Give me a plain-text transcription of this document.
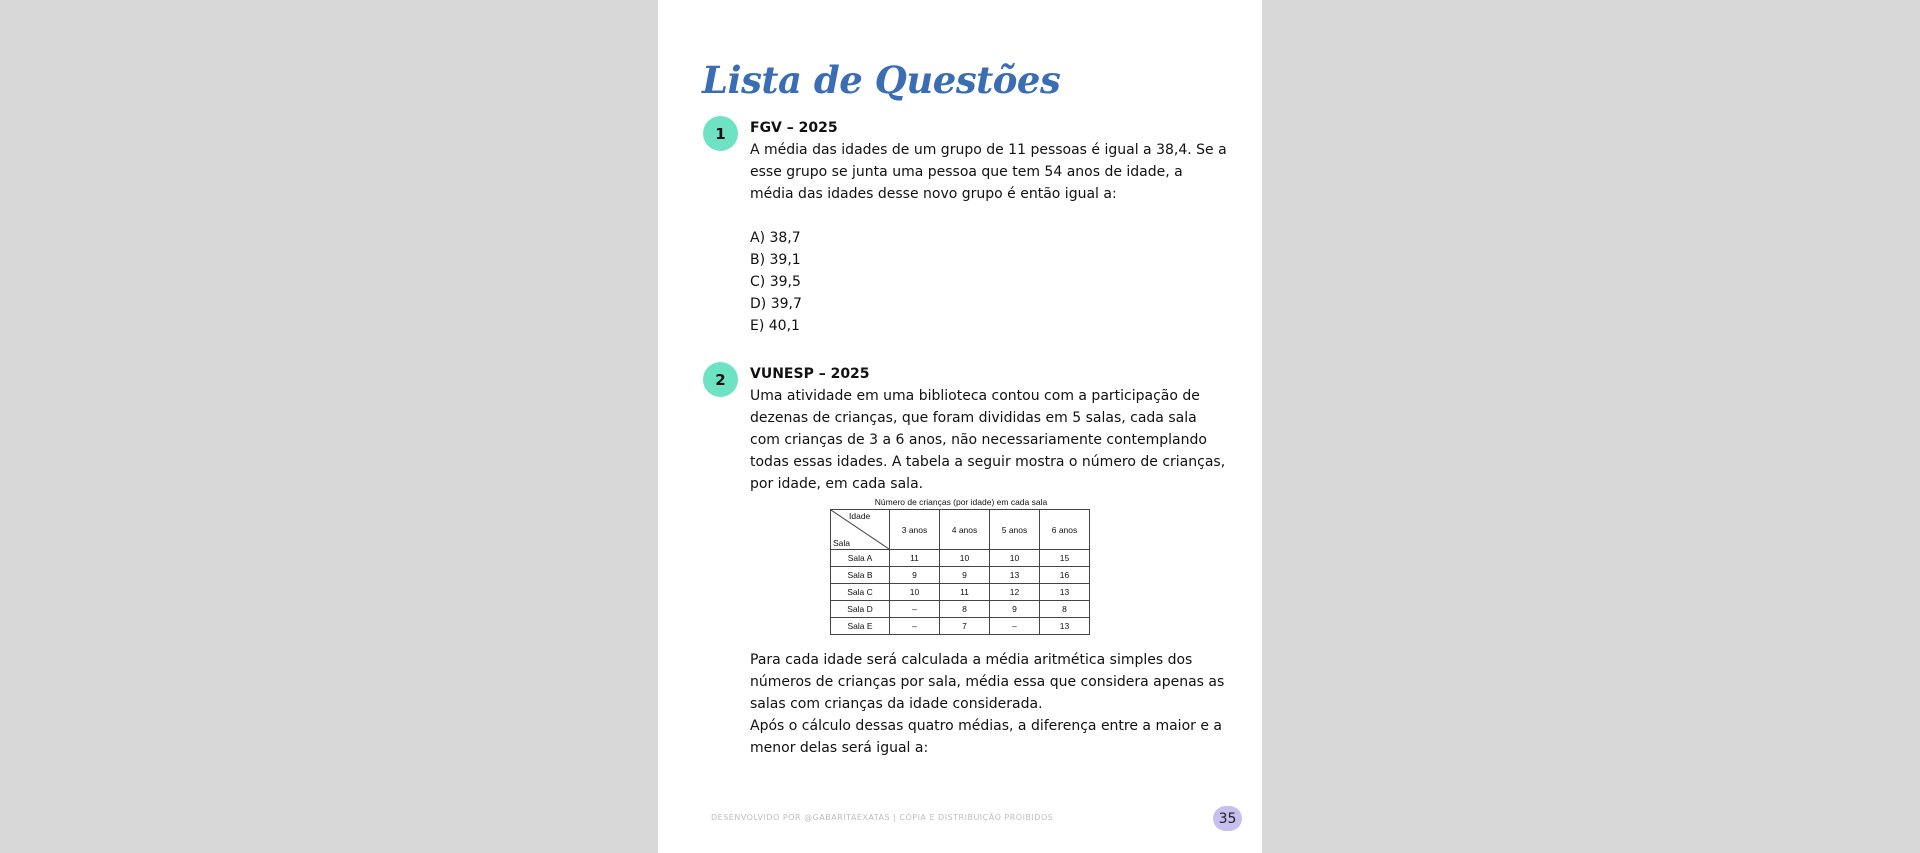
Lista de Questões
1	FGV – 2025

A média das idades de um grupo de 11 pessoas é igual a 38,4. Se a esse grupo se junta uma pessoa que tem 54 anos de idade, a média das idades desse novo grupo é então igual a:

A) 38,7
B) 39,1
C) 39,5
D) 39,7
E) 40,1
2	VUNESP – 2025

Uma atividade em uma biblioteca contou com a participação de dezenas de crianças, que foram divididas em 5 salas, cada sala com crianças de 3 a 6 anos, não necessariamente contemplando todas essas idades. A tabela a seguir mostra o número de crianças, por idade, em cada sala.

Número de crianças (por idade) em cada sala
Idade
Sala	3 anos	4 anos	5 anos	6 anos
Sala A	11	10	10	15
Sala B	9	9	13	16
Sala C	10	11	12	13
Sala D	–	8	9	8
Sala E	–	7	–	13

Para cada idade será calculada a média aritmética simples dos números de crianças por sala, média essa que considera apenas as salas com crianças da idade considerada.

Após o cálculo dessas quatro médias, a diferença entre a maior e a menor delas será igual a:

DESENVOLVIDO POR @GABARITAEXATAS | CÓPIA E DISTRIBUIÇÃO PROIBIDOS	35
